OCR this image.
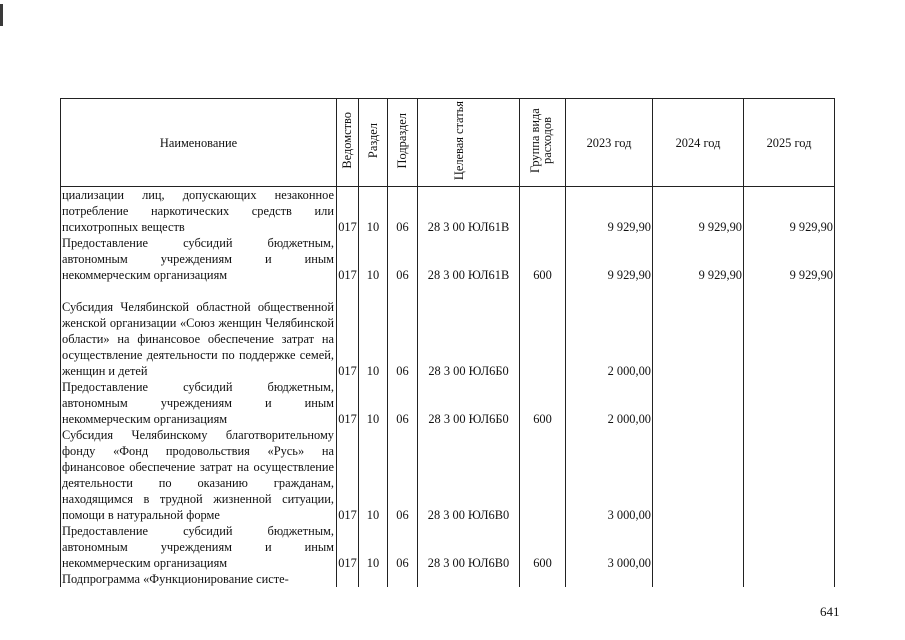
Наименование	Ведомство	Раздел	Подраздел	Целевая статья	Группа вида расходов	2023 год	2024 год	2025 год
циализации лиц, допускающих незаконное потребление наркотических средств или психотропных веществ	017	10	06	28 3 00 ЮЛ61В		9 929,90	9 929,90	9 929,90
Предоставление субсидий бюджетным, автономным учреждениям и иным некоммерческим организациям	017	10	06	28 3 00 ЮЛ61В	600	9 929,90	9 929,90	9 929,90
Субсидия Челябинской областной общественной женской организации «Союз женщин Челябинской области» на финансовое обеспечение затрат на осуществление деятельности по поддержке семей, женщин и детей	017	10	06	28 3 00 ЮЛ6Б0		2 000,00		
Предоставление субсидий бюджетным, автономным учреждениям и иным некоммерческим организациям	017	10	06	28 3 00 ЮЛ6Б0	600	2 000,00		
Субсидия Челябинскому благотворительному фонду «Фонд продовольствия «Русь» на финансовое обеспечение затрат на осуществление деятельности по оказанию гражданам, находящимся в трудной жизненной ситуации, помощи в натуральной форме	017	10	06	28 3 00 ЮЛ6В0		3 000,00		
Предоставление субсидий бюджетным, автономным учреждениям и иным некоммерческим организациям	017	10	06	28 3 00 ЮЛ6В0	600	3 000,00		
Подпрограмма «Функционирование систе-								
641
